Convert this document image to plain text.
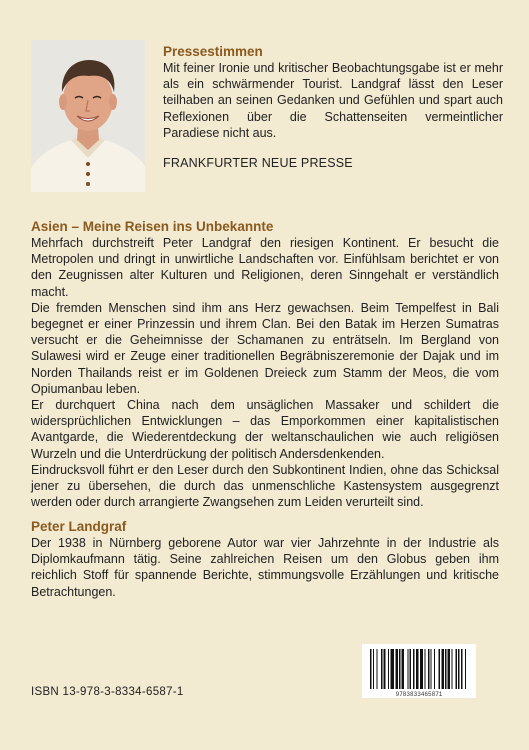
Pressestimmen

Mit feiner Ironie und kritischer Beobachtungsgabe ist er mehr als ein schwärmender Tourist. Landgraf lässt den Leser teilhaben an seinen Gedanken und Gefühlen und spart auch Reflexionen über die Schattenseiten vermeintlicher Paradiese nicht aus.

FRANKFURTER NEUE PRESSE
Asien – Meine Reisen ins Unbekannte

Mehrfach durchstreift Peter Landgraf den riesigen Kontinent. Er besucht die Metropolen und dringt in unwirtliche Landschaften vor. Einfühlsam berichtet er von den Zeugnissen alter Kulturen und Religionen, deren Sinngehalt er verständlich macht.

Die fremden Menschen sind ihm ans Herz gewachsen. Beim Tempelfest in Bali begegnet er einer Prinzessin und ihrem Clan. Bei den Batak im Herzen Sumatras versucht er die Geheimnisse der Schamanen zu enträtseln. Im Bergland von Sulawesi wird er Zeuge einer traditionellen Begräbniszeremonie der Dajak und im Norden Thailands reist er im Goldenen Dreieck zum Stamm der Meos, die vom Opiumanbau leben.

Er durchquert China nach dem unsäglichen Massaker und schildert die widersprüchlichen Entwicklungen – das Emporkommen einer kapitalistischen Avantgarde, die Wiederentdeckung der weltanschaulichen wie auch religiösen Wurzeln und die Unterdrückung der politisch Andersdenkenden.

Eindrucksvoll führt er den Leser durch den Subkontinent Indien, ohne das Schicksal jener zu übersehen, die durch das unmenschliche Kastensystem ausgegrenzt werden oder durch arrangierte Zwangsehen zum Leiden verurteilt sind.

Peter Landgraf

Der 1938 in Nürnberg geborene Autor war vier Jahrzehnte in der Industrie als Diplomkaufmann tätig. Seine zahlreichen Reisen um den Globus geben ihm reichlich Stoff für spannende Berichte, stimmungsvolle Erzählungen und kritische Betrachtungen.

ISBN 13-978-3-8334-6587-1	9783833465871
